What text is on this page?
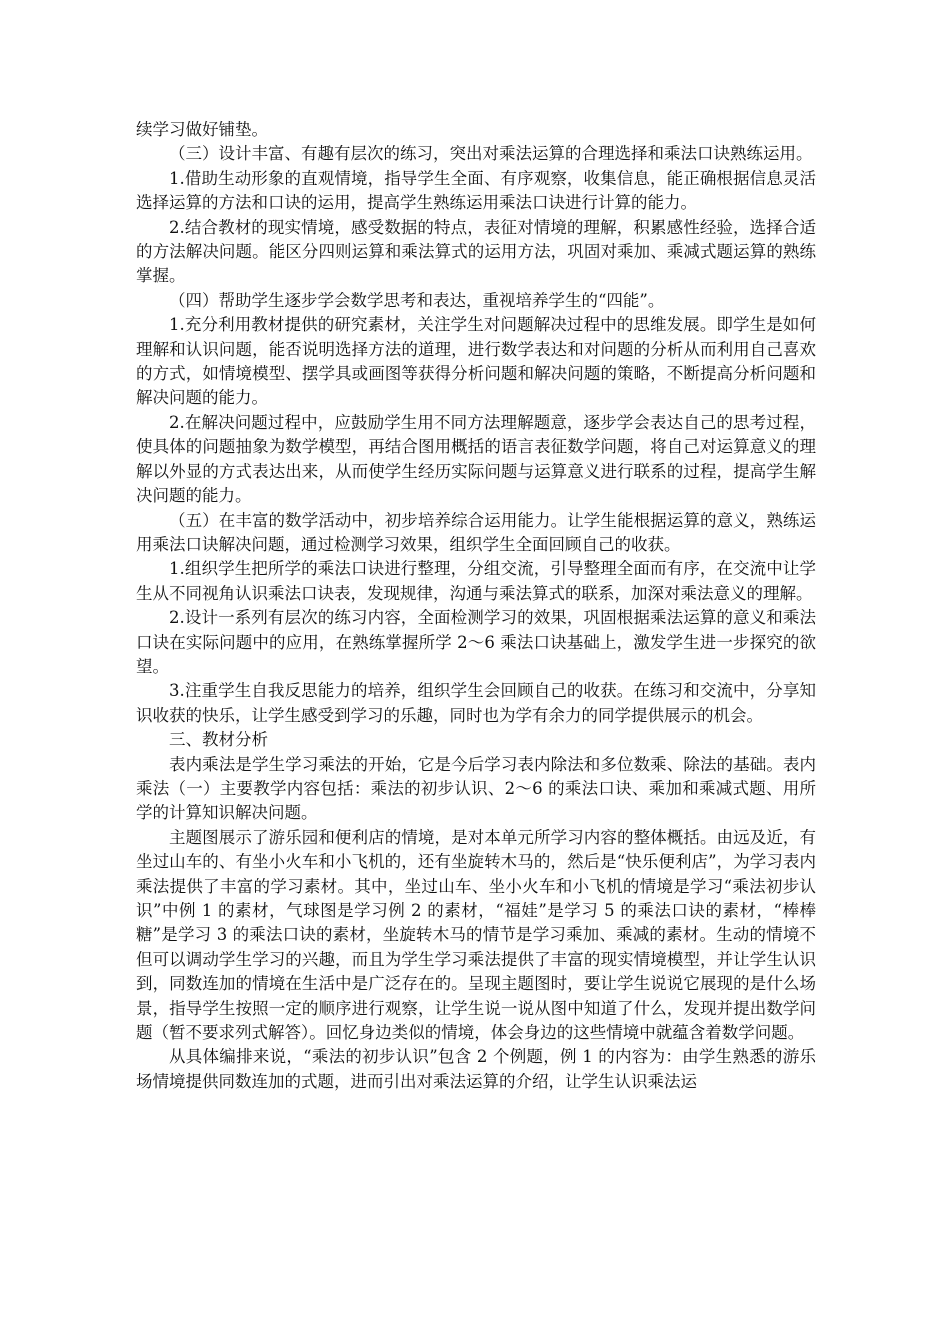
续学习做好铺垫。

（三）设计丰富、有趣有层次的练习，突出对乘法运算的合理选择和乘法口诀熟练运用。

1.借助生动形象的直观情境，指导学生全面、有序观察，收集信息，能正确根据信息灵活选择运算的方法和口诀的运用，提高学生熟练运用乘法口诀进行计算的能力。

2.结合教材的现实情境，感受数据的特点，表征对情境的理解，积累感性经验，选择合适的方法解决问题。能区分四则运算和乘法算式的运用方法，巩固对乘加、乘减式题运算的熟练掌握。

（四）帮助学生逐步学会数学思考和表达，重视培养学生的“四能”。

1.充分利用教材提供的研究素材，关注学生对问题解决过程中的思维发展。即学生是如何理解和认识问题，能否说明选择方法的道理，进行数学表达和对问题的分析从而利用自己喜欢的方式，如情境模型、摆学具或画图等获得分析问题和解决问题的策略，不断提高分析问题和解决问题的能力。

2.在解决问题过程中，应鼓励学生用不同方法理解题意，逐步学会表达自己的思考过程，使具体的问题抽象为数学模型，再结合图用概括的语言表征数学问题，将自己对运算意义的理解以外显的方式表达出来，从而使学生经历实际问题与运算意义进行联系的过程，提高学生解决问题的能力。

（五）在丰富的数学活动中，初步培养综合运用能力。让学生能根据运算的意义，熟练运用乘法口诀解决问题，通过检测学习效果，组织学生全面回顾自己的收获。

1.组织学生把所学的乘法口诀进行整理，分组交流，引导整理全面而有序，在交流中让学生从不同视角认识乘法口诀表，发现规律，沟通与乘法算式的联系，加深对乘法意义的理解。

2.设计一系列有层次的练习内容，全面检测学习的效果，巩固根据乘法运算的意义和乘法口诀在实际问题中的应用，在熟练掌握所学 2～6 乘法口诀基础上，激发学生进一步探究的欲望。

3.注重学生自我反思能力的培养，组织学生会回顾自己的收获。在练习和交流中，分享知识收获的快乐，让学生感受到学习的乐趣，同时也为学有余力的同学提供展示的机会。

三、教材分析

表内乘法是学生学习乘法的开始，它是今后学习表内除法和多位数乘、除法的基础。表内乘法（一）主要教学内容包括：乘法的初步认识、2～6 的乘法口诀、乘加和乘减式题、用所学的计算知识解决问题。

主题图展示了游乐园和便利店的情境，是对本单元所学习内容的整体概括。由远及近，有坐过山车的、有坐小火车和小飞机的，还有坐旋转木马的，然后是“快乐便利店”，为学习表内乘法提供了丰富的学习素材。其中，坐过山车、坐小火车和小飞机的情境是学习“乘法初步认识”中例 1 的素材，气球图是学习例 2 的素材，“福娃”是学习 5 的乘法口诀的素材，“棒棒糖”是学习 3 的乘法口诀的素材，坐旋转木马的情节是学习乘加、乘减的素材。生动的情境不但可以调动学生学习的兴趣，而且为学生学习乘法提供了丰富的现实情境模型，并让学生认识到，同数连加的情境在生活中是广泛存在的。呈现主题图时，要让学生说说它展现的是什么场景，指导学生按照一定的顺序进行观察，让学生说一说从图中知道了什么，发现并提出数学问题（暂不要求列式解答）。回忆身边类似的情境，体会身边的这些情境中就蕴含着数学问题。

从具体编排来说，“乘法的初步认识”包含 2 个例题，例 1 的内容为：由学生熟悉的游乐场情境提供同数连加的式题，进而引出对乘法运算的介绍，让学生认识乘法运
